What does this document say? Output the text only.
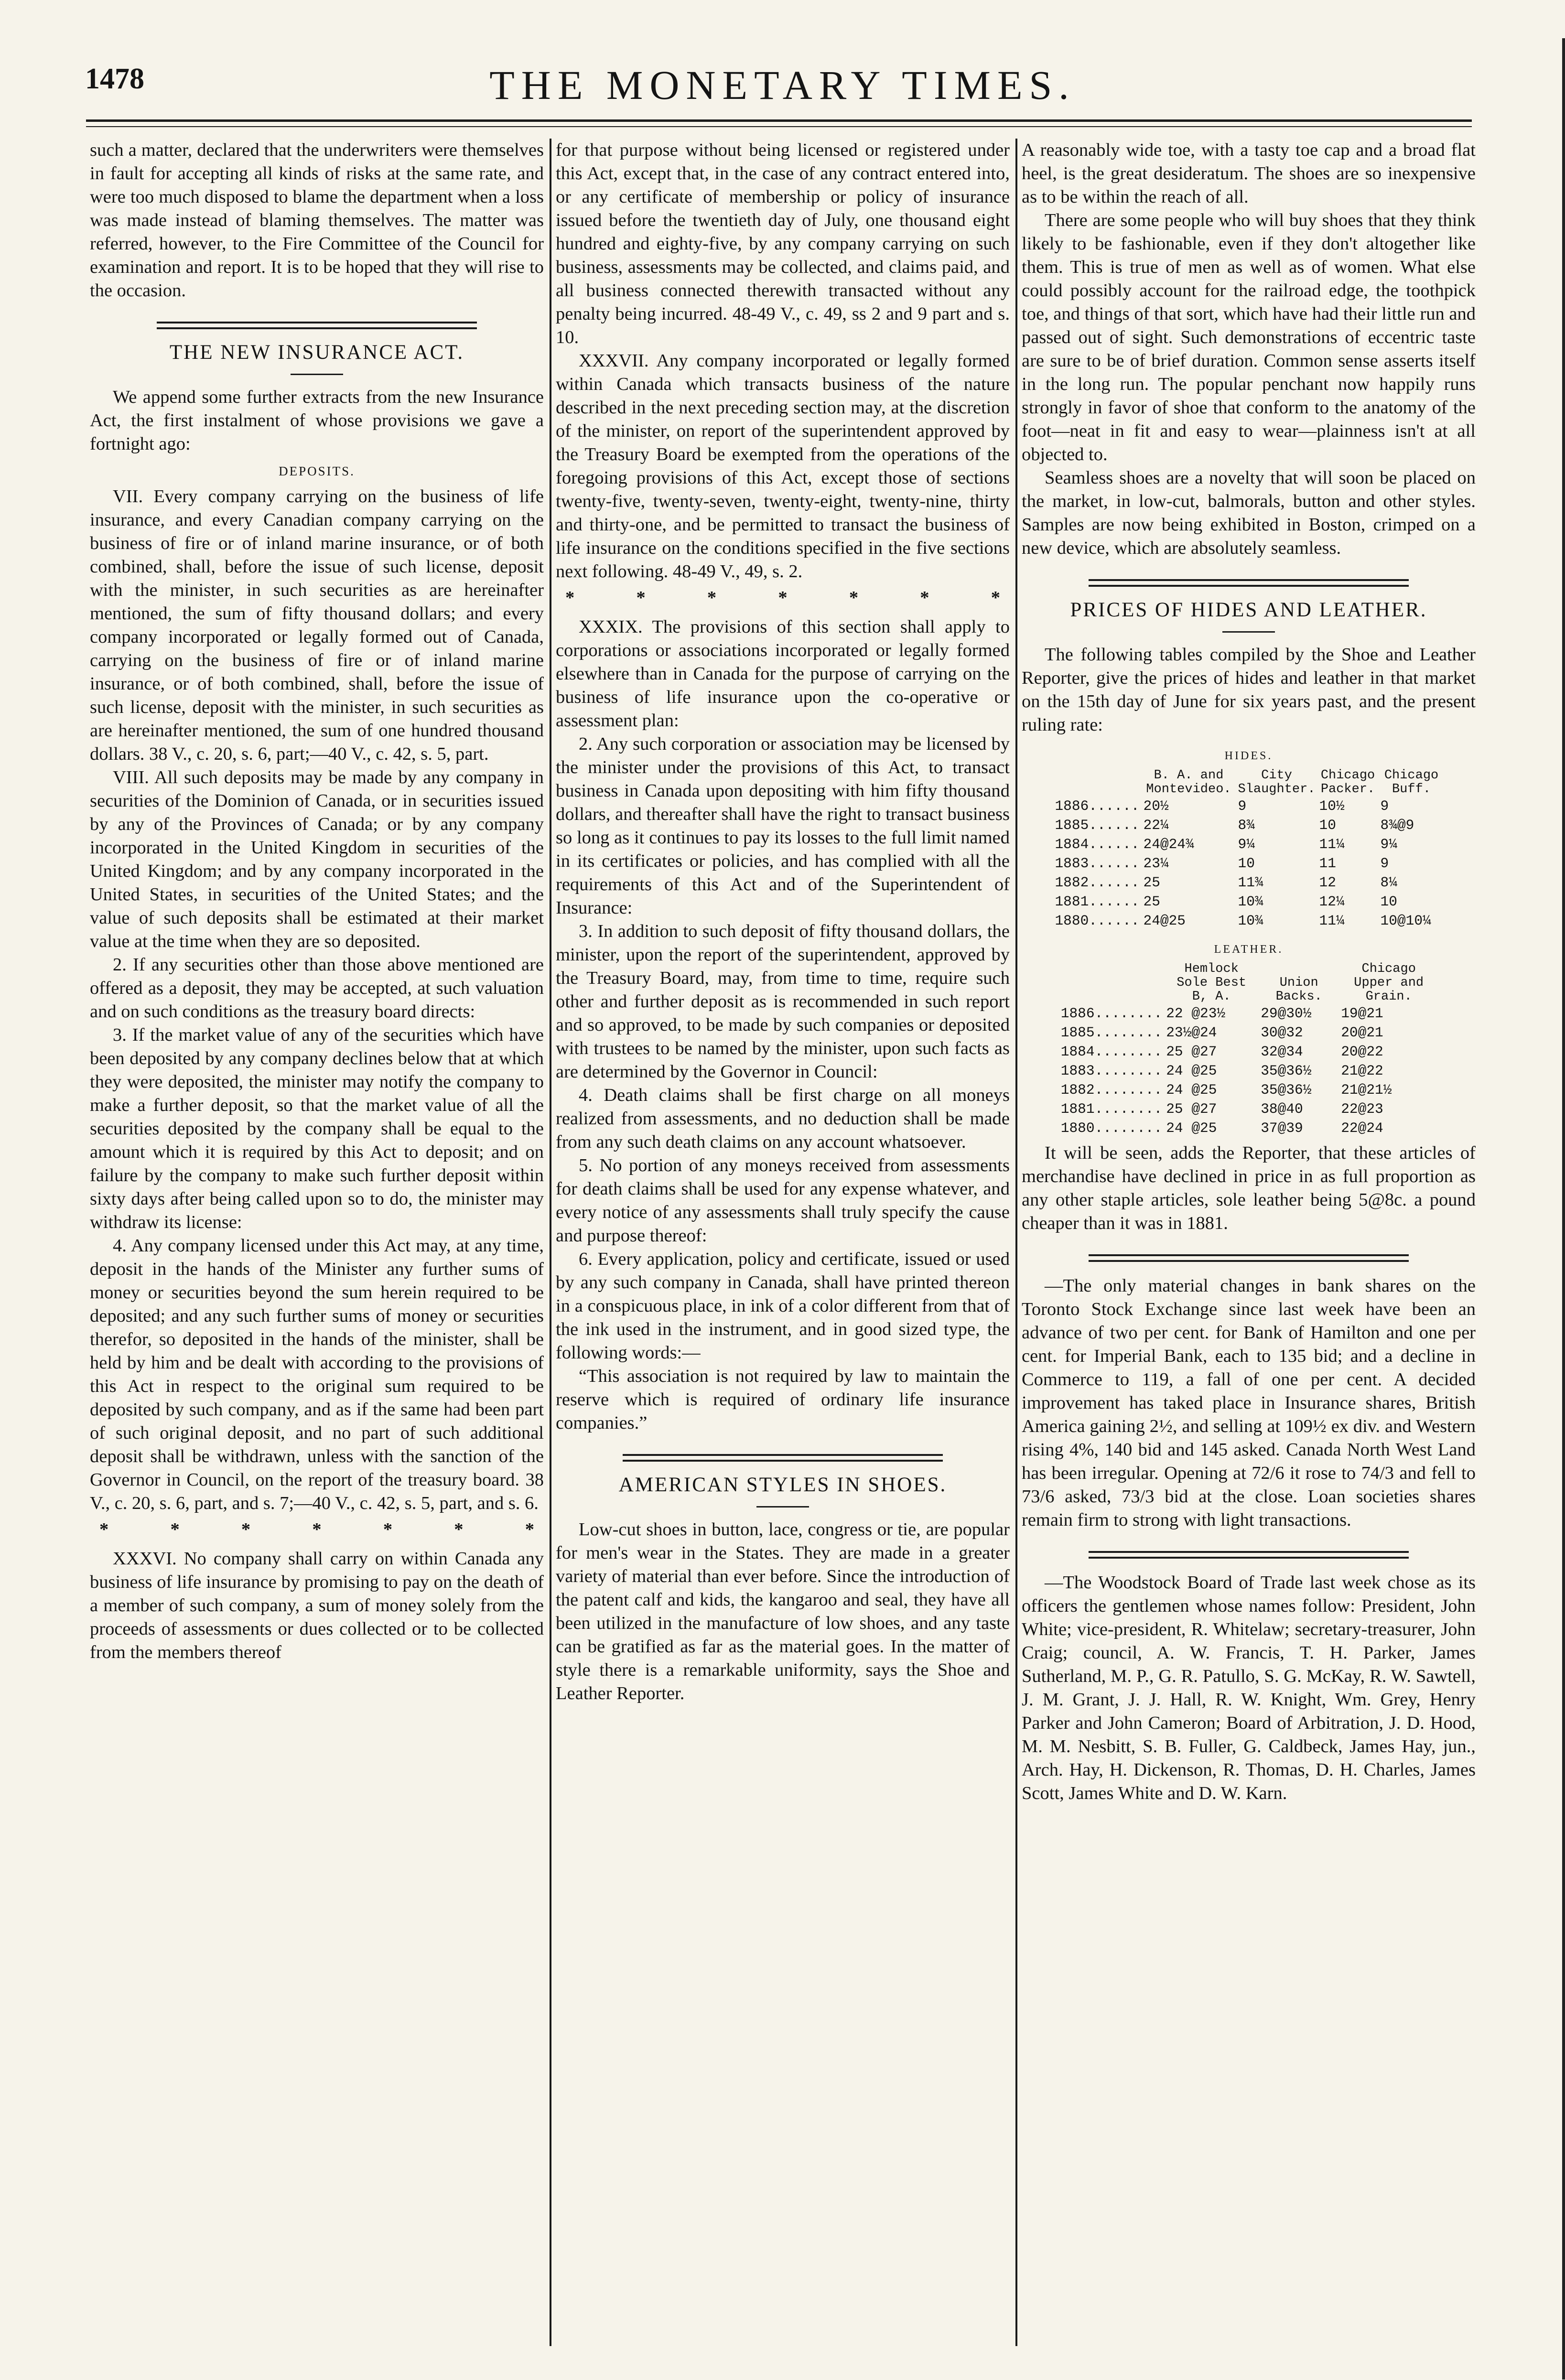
1478	THE MONETARY TIMES.

such a matter, declared that the underwriters were themselves in fault for accepting all kinds of risks at the same rate, and were too much disposed to blame the department when a loss was made instead of blaming themselves. The matter was referred, however, to the Fire Committee of the Council for examination and report. It is to be hoped that they will rise to the occasion.

THE NEW INSURANCE ACT.

We append some further extracts from the new Insurance Act, the first instalment of whose provisions we gave a fortnight ago:

DEPOSITS.

VII. Every company carrying on the business of life insurance, and every Canadian company carrying on the business of fire or of inland marine insurance, or of both combined, shall, before the issue of such license, deposit with the minister, in such securities as are hereinafter mentioned, the sum of fifty thousand dollars; and every company incorporated or legally formed out of Canada, carrying on the business of fire or of inland marine insurance, or of both combined, shall, before the issue of such license, deposit with the minister, in such securities as are hereinafter mentioned, the sum of one hundred thousand dollars. 38 V., c. 20, s. 6, part;—40 V., c. 42, s. 5, part.

VIII. All such deposits may be made by any company in securities of the Dominion of Canada, or in securities issued by any of the Provinces of Canada; or by any company incorporated in the United Kingdom in securities of the United Kingdom; and by any company incorporated in the United States, in securities of the United States; and the value of such deposits shall be estimated at their market value at the time when they are so deposited.

2. If any securities other than those above mentioned are offered as a deposit, they may be accepted, at such valuation and on such conditions as the treasury board directs:

3. If the market value of any of the securities which have been deposited by any company declines below that at which they were deposited, the minister may notify the company to make a further deposit, so that the market value of all the securities deposited by the company shall be equal to the amount which it is required by this Act to deposit; and on failure by the company to make such further deposit within sixty days after being called upon so to do, the minister may withdraw its license:

4. Any company licensed under this Act may, at any time, deposit in the hands of the Minister any further sums of money or securities beyond the sum herein required to be deposited; and any such further sums of money or securities therefor, so deposited in the hands of the minister, shall be held by him and be dealt with according to the provisions of this Act in respect to the original sum required to be deposited by such company, and as if the same had been part of such original deposit, and no part of such additional deposit shall be withdrawn, unless with the sanction of the Governor in Council, on the report of the treasury board. 38 V., c. 20, s. 6, part, and s. 7;—40 V., c. 42, s. 5, part, and s. 6.

*	*	*	*	*	*	*

XXXVI. No company shall carry on within Canada any business of life insurance by promising to pay on the death of a member of such company, a sum of money solely from the proceeds of assessments or dues collected or to be collected from the members thereof

for that purpose without being licensed or registered under this Act, except that, in the case of any contract entered into, or any certificate of membership or policy of insurance issued before the twentieth day of July, one thousand eight hundred and eighty-five, by any company carrying on such business, assessments may be collected, and claims paid, and all business connected therewith transacted without any penalty being incurred. 48-49 V., c. 49, ss 2 and 9 part and s. 10.

XXXVII. Any company incorporated or legally formed within Canada which transacts business of the nature described in the next preceding section may, at the discretion of the minister, on report of the superintendent approved by the Treasury Board be exempted from the operations of the foregoing provisions of this Act, except those of sections twenty-five, twenty-seven, twenty-eight, twenty-nine, thirty and thirty-one, and be permitted to transact the business of life insurance on the conditions specified in the five sections next following. 48-49 V., 49, s. 2.

*	*	*	*	*	*	*

XXXIX. The provisions of this section shall apply to corporations or associations incorporated or legally formed elsewhere than in Canada for the purpose of carrying on the business of life insurance upon the co-operative or assessment plan:

2. Any such corporation or association may be licensed by the minister under the provisions of this Act, to transact business in Canada upon depositing with him fifty thousand dollars, and thereafter shall have the right to transact business so long as it continues to pay its losses to the full limit named in its certificates or policies, and has complied with all the requirements of this Act and of the Superintendent of Insurance:

3. In addition to such deposit of fifty thousand dollars, the minister, upon the report of the superintendent, approved by the Treasury Board, may, from time to time, require such other and further deposit as is recommended in such report and so approved, to be made by such companies or deposited with trustees to be named by the minister, upon such facts as are determined by the Governor in Council:

4. Death claims shall be first charge on all moneys realized from assessments, and no deduction shall be made from any such death claims on any account whatsoever.

5. No portion of any moneys received from assessments for death claims shall be used for any expense whatever, and every notice of any assessments shall truly specify the cause and purpose thereof:

6. Every application, policy and certificate, issued or used by any such company in Canada, shall have printed thereon in a conspicuous place, in ink of a color different from that of the ink used in the instrument, and in good sized type, the following words:—

“This association is not required by law to maintain the reserve which is required of ordinary life insurance companies.”

AMERICAN STYLES IN SHOES.

Low-cut shoes in button, lace, congress or tie, are popular for men's wear in the States. They are made in a greater variety of material than ever before. Since the introduction of the patent calf and kids, the kangaroo and seal, they have all been utilized in the manufacture of low shoes, and any taste can be gratified as far as the material goes. In the matter of style there is a remarkable uniformity, says the Shoe and Leather Reporter.

A reasonably wide toe, with a tasty toe cap and a broad flat heel, is the great desideratum. The shoes are so inexpensive as to be within the reach of all.

There are some people who will buy shoes that they think likely to be fashionable, even if they don't altogether like them. This is true of men as well as of women. What else could possibly account for the railroad edge, the toothpick toe, and things of that sort, which have had their little run and passed out of sight. Such demonstrations of eccentric taste are sure to be of brief duration. Common sense asserts itself in the long run. The popular penchant now happily runs strongly in favor of shoe that conform to the anatomy of the foot—neat in fit and easy to wear—plainness isn't at all objected to.

Seamless shoes are a novelty that will soon be placed on the market, in low-cut, balmorals, button and other styles. Samples are now being exhibited in Boston, crimped on a new device, which are absolutely seamless.

PRICES OF HIDES AND LEATHER.

The following tables compiled by the Shoe and Leather Reporter, give the prices of hides and leather in that market on the 15th day of June for six years past, and the present ruling rate:

HIDES.

	B. A. and Montevideo.	City Slaughter.	Chicago Packer.	Chicago Buff.
1886......	20½	9	10½	9
1885......	22¼	8¾	10	8¾@9
1884......	24@24¾	9¼	11¼	9¼
1883......	23¼	10	11	9
1882......	25	11¾	12	8¼
1881......	25	10¾	12¼	10
1880......	24@25	10¾	11¼	10@10¼

LEATHER.

	Hemlock Sole Best B, A.	Union Backs.	Chicago Upper and Grain.
1886........	22 @23½	29@30½	19@21
1885........	23½@24	30@32	20@21
1884........	25 @27	32@34	20@22
1883........	24 @25	35@36½	21@22
1882........	24 @25	35@36½	21@21½
1881........	25 @27	38@40	22@23
1880........	24 @25	37@39	22@24

It will be seen, adds the Reporter, that these articles of merchandise have declined in price in as full proportion as any other staple articles, sole leather being 5@8c. a pound cheaper than it was in 1881.

—The only material changes in bank shares on the Toronto Stock Exchange since last week have been an advance of two per cent. for Bank of Hamilton and one per cent. for Imperial Bank, each to 135 bid; and a decline in Commerce to 119, a fall of one per cent. A decided improvement has taked place in Insurance shares, British America gaining 2½, and selling at 109½ ex div. and Western rising 4%, 140 bid and 145 asked. Canada North West Land has been irregular. Opening at 72/6 it rose to 74/3 and fell to 73/6 asked, 73/3 bid at the close. Loan societies shares remain firm to strong with light transactions.

—The Woodstock Board of Trade last week chose as its officers the gentlemen whose names follow: President, John White; vice-president, R. Whitelaw; secretary-treasurer, John Craig; council, A. W. Francis, T. H. Parker, James Sutherland, M. P., G. R. Patullo, S. G. McKay, R. W. Sawtell, J. M. Grant, J. J. Hall, R. W. Knight, Wm. Grey, Henry Parker and John Cameron; Board of Arbitration, J. D. Hood, M. M. Nesbitt, S. B. Fuller, G. Caldbeck, James Hay, jun., Arch. Hay, H. Dickenson, R. Thomas, D. H. Charles, James Scott, James White and D. W. Karn.
